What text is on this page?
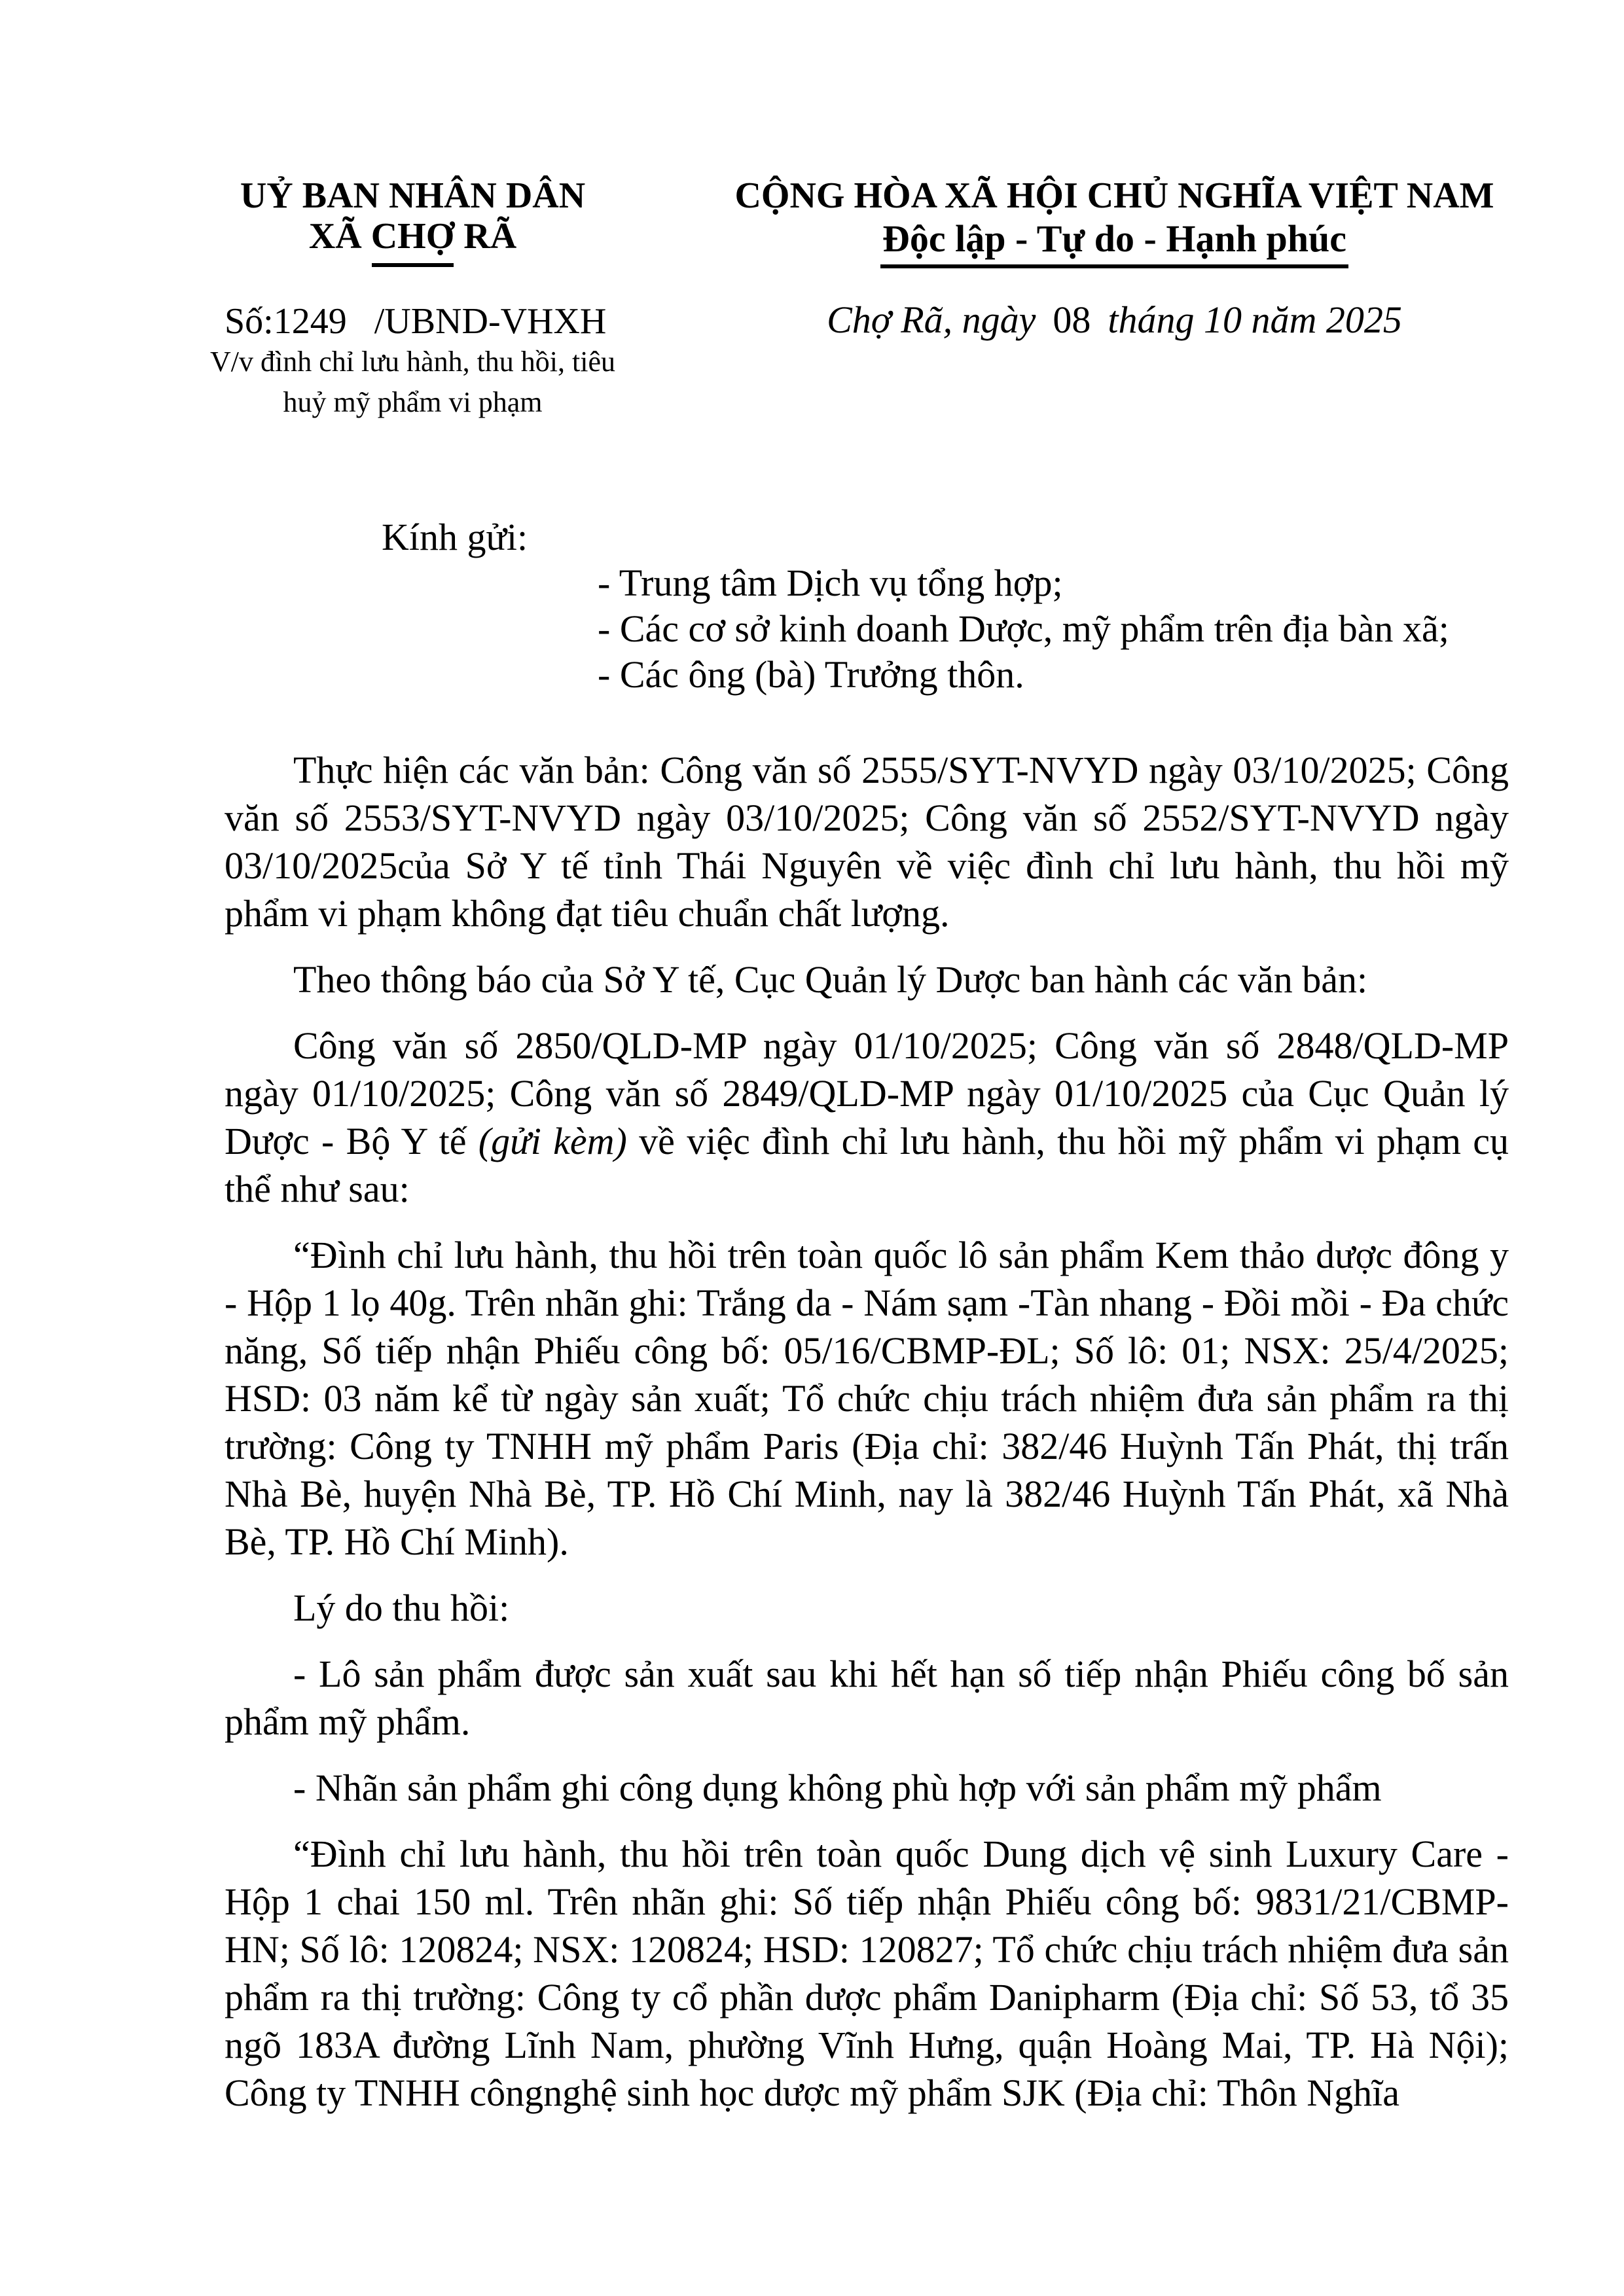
UỶ BAN NHÂN DÂN
XÃ CHỢ RÃ
Số:1249   /UBND-VHXH
V/v đình chỉ lưu hành, thu hồi, tiêu
huỷ mỹ phẩm vi phạm
CỘNG HÒA XÃ HỘI CHỦ NGHĨA VIỆT NAM
Độc lập - Tự do - Hạnh phúc
Chợ Rã, ngày 08 tháng 10 năm 2025
Kính gửi:
- Trung tâm Dịch vụ tổng hợp;
- Các cơ sở kinh doanh Dược, mỹ phẩm trên địa bàn xã;
- Các ông (bà) Trưởng thôn.

Thực hiện các văn bản: Công văn số 2555/SYT-NVYD ngày 03/10/2025; Công văn số 2553/SYT-NVYD ngày 03/10/2025; Công văn số 2552/SYT-NVYD ngày 03/10/2025của Sở Y tế tỉnh Thái Nguyên về việc đình chỉ lưu hành, thu hồi mỹ phẩm vi phạm không đạt tiêu chuẩn chất lượng.

Theo thông báo của Sở Y tế, Cục Quản lý Dược ban hành các văn bản:

Công văn số 2850/QLD-MP ngày 01/10/2025; Công văn số 2848/QLD-MP ngày 01/10/2025; Công văn số 2849/QLD-MP ngày 01/10/2025 của Cục Quản lý Dược - Bộ Y tế (gửi kèm) về việc đình chỉ lưu hành, thu hồi mỹ phẩm vi phạm cụ thể như sau:

“Đình chỉ lưu hành, thu hồi trên toàn quốc lô sản phẩm Kem thảo dược đông y - Hộp 1 lọ 40g. Trên nhãn ghi: Trắng da - Nám sạm -Tàn nhang - Đồi mồi - Đa chức năng, Số tiếp nhận Phiếu công bố: 05/16/CBMP-ĐL; Số lô: 01; NSX: 25/4/2025; HSD: 03 năm kể từ ngày sản xuất; Tổ chức chịu trách nhiệm đưa sản phẩm ra thị trường: Công ty TNHH mỹ phẩm Paris (Địa chỉ: 382/46 Huỳnh Tấn Phát, thị trấn Nhà Bè, huyện Nhà Bè, TP. Hồ Chí Minh, nay là 382/46 Huỳnh Tấn Phát, xã Nhà Bè, TP. Hồ Chí Minh).

Lý do thu hồi:

- Lô sản phẩm được sản xuất sau khi hết hạn số tiếp nhận Phiếu công bố sản phẩm mỹ phẩm.

- Nhãn sản phẩm ghi công dụng không phù hợp với sản phẩm mỹ phẩm

“Đình chỉ lưu hành, thu hồi trên toàn quốc Dung dịch vệ sinh Luxury Care - Hộp 1 chai 150 ml. Trên nhãn ghi: Số tiếp nhận Phiếu công bố: 9831/21/CBMP-HN; Số lô: 120824; NSX: 120824; HSD: 120827; Tổ chức chịu trách nhiệm đưa sản phẩm ra thị trường: Công ty cổ phần dược phẩm Danipharm (Địa chỉ: Số 53, tổ 35 ngõ 183A đường Lĩnh Nam, phường Vĩnh Hưng, quận Hoàng Mai, TP. Hà Nội); Công ty TNHH côngnghệ sinh học dược mỹ phẩm SJK (Địa chỉ: Thôn Nghĩa
